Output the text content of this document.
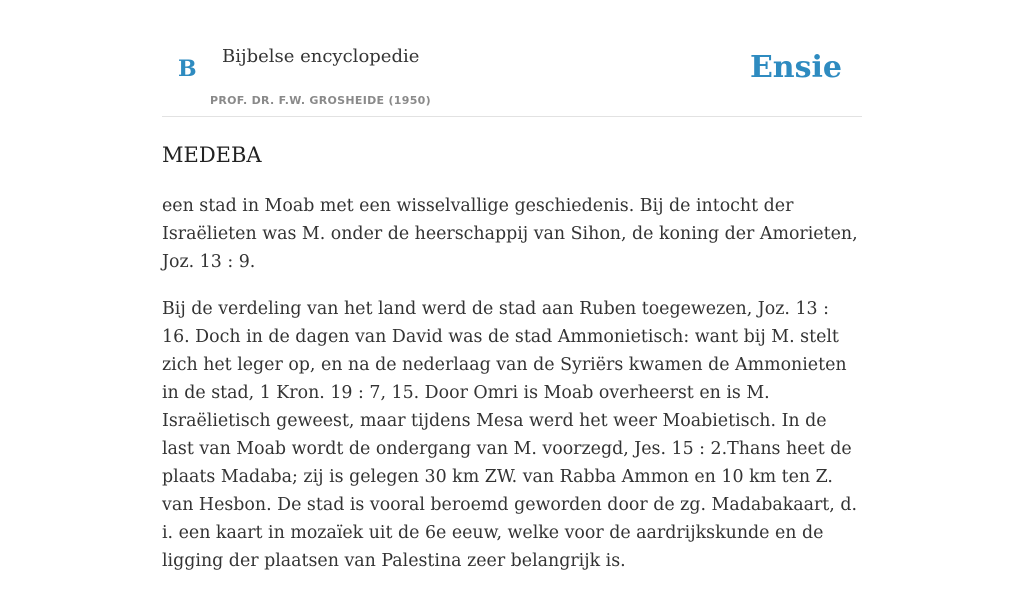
B Bijbelse encyclopedie
PROF. DR. F.W. GROSHEIDE (1950)
Ensie
MEDEBA

een stad in Moab met een wisselvallige geschiedenis. Bij de intocht der Israëlieten was M. onder de heerschappij van Sihon, de koning der Amorieten, Joz. 13 : 9.

Bij de verdeling van het land werd de stad aan Ruben toegewezen, Joz. 13 : 16. Doch in de dagen van David was de stad Ammonietisch: want bij M. stelt zich het leger op, en na de nederlaag van de Syriërs kwamen de Ammonieten in de stad, 1 Kron. 19 : 7, 15. Door Omri is Moab overheerst en is M. Israëlietisch geweest, maar tijdens Mesa werd het weer Moabietisch. In de last van Moab wordt de ondergang van M. voorzegd, Jes. 15 : 2.Thans heet de plaats Madaba; zij is gelegen 30 km ZW. van Rabba Ammon en 10 km ten Z. van Hesbon. De stad is vooral beroemd geworden door de zg. Madabakaart, d. i. een kaart in mozaïek uit de 6e eeuw, welke voor de aardrijkskunde en de ligging der plaatsen van Palestina zeer belangrijk is.
